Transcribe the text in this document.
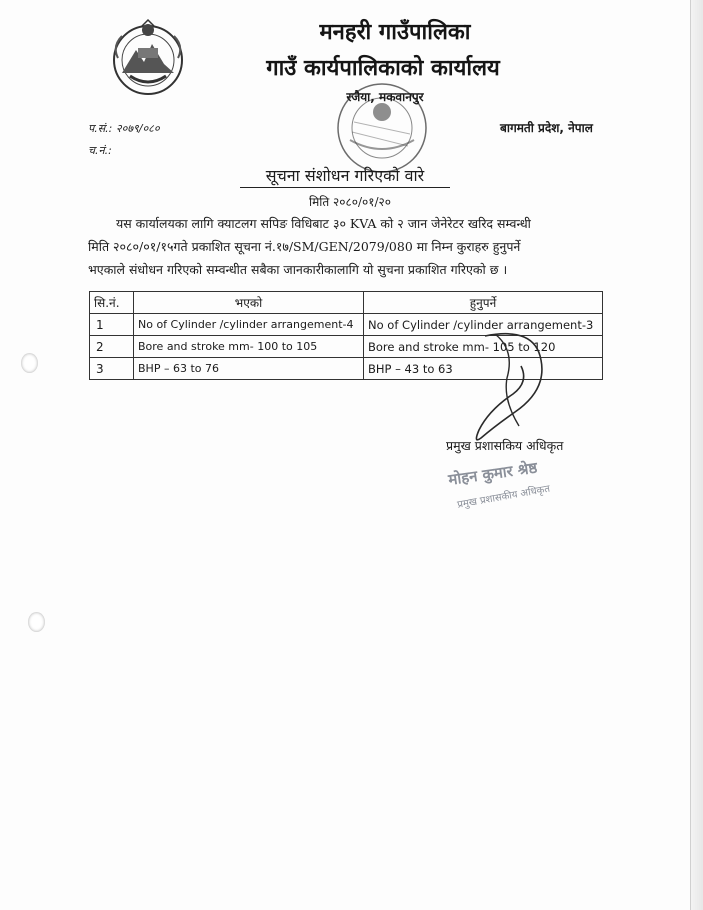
मनहरी गाउँपालिका
गाउँ कार्यपालिकाको कार्यालय
रजैया, मकवानपुर
बागमती प्रदेश, नेपाल
प.सं.: २०७९/०८०
च.नं.:
सूचना संशोधन गरिएको वारे
मिति २०८०/०१/२०
यस कार्यालयका लागि क्याटलग सपिङ विधिबाट ३० KVA को २ जान जेनेरेटर खरिद सम्वन्धी
मिति २०८०/०१/१५गते प्रकाशित सूचना नं.१७/SM/GEN/2079/080 मा निम्न कुराहरु हुनुपर्ने
भएकाले संधोधन गरिएको सम्वन्धीत सबैका जानकारीकालागि यो सुचना प्रकाशित गरिएको छ ।
सि.नं.	भएको	हुनुपर्ने
1	No of Cylinder /cylinder arrangement-4	No of Cylinder /cylinder arrangement-3
2	Bore and stroke mm- 100 to 105	Bore and stroke mm- 105 to 120
3	BHP – 63 to 76	BHP – 43 to 63
प्रमुख प्रशासकिय अधिकृत
मोहन कुमार श्रेष्ठ
प्रमुख प्रशासकीय अधिकृत
